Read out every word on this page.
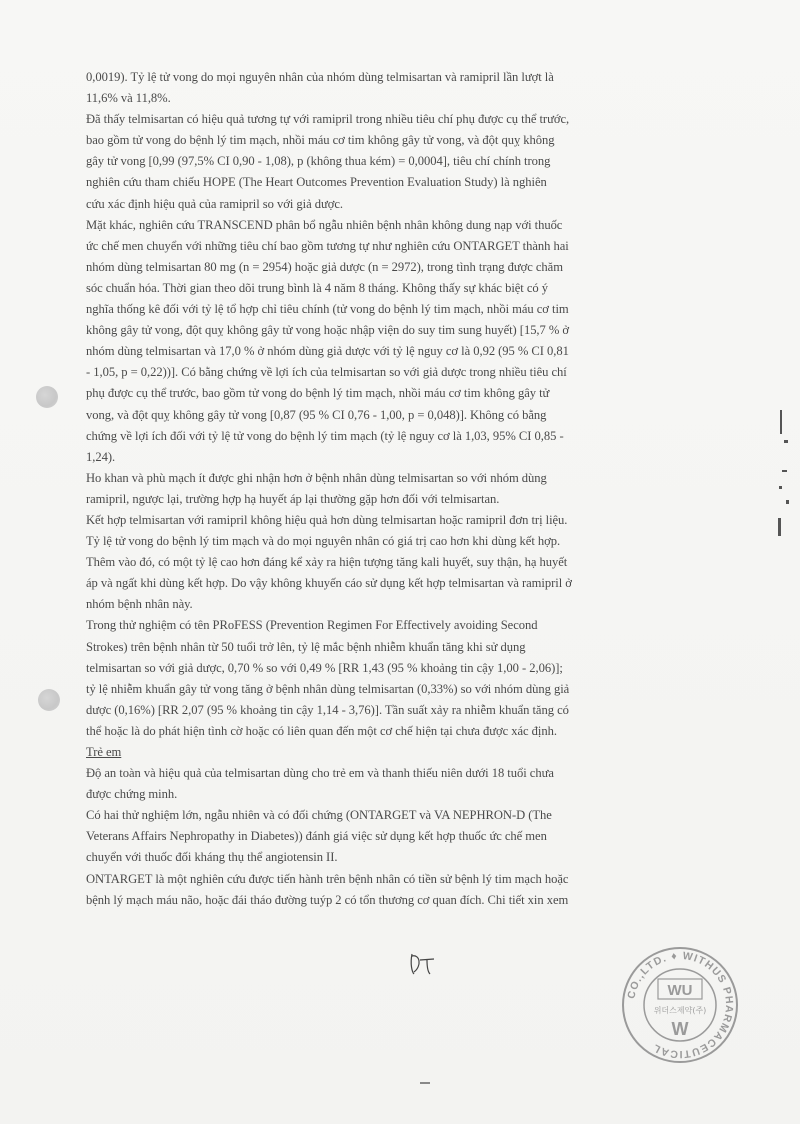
0,0019). Tỷ lệ tử vong do mọi nguyên nhân của nhóm dùng telmisartan và ramipril lần lượt là
11,6% và 11,8%.
Đã thấy telmisartan có hiệu quả tương tự với ramipril trong nhiều tiêu chí phụ được cụ thể trước,
bao gồm tử vong do bệnh lý tim mạch, nhồi máu cơ tim không gây tử vong, và đột quỵ không
gây tử vong [0,99 (97,5% CI 0,90 - 1,08), p (không thua kém) = 0,0004], tiêu chí chính trong
nghiên cứu tham chiếu HOPE (The Heart Outcomes Prevention Evaluation Study) là nghiên
cứu xác định hiệu quả của ramipril so với giả dược.
Mặt khác, nghiên cứu TRANSCEND phân bổ ngẫu nhiên bệnh nhân không dung nạp với thuốc
ức chế men chuyển với những tiêu chí bao gồm tương tự như nghiên cứu ONTARGET thành hai
nhóm dùng telmisartan 80 mg (n = 2954) hoặc giả dược (n = 2972), trong tình trạng được chăm
sóc chuẩn hóa. Thời gian theo dõi trung bình là 4 năm 8 tháng. Không thấy sự khác biệt có ý
nghĩa thống kê đối với tỷ lệ tổ hợp chỉ tiêu chính (tử vong do bệnh lý tim mạch, nhồi máu cơ tim
không gây tử vong, đột quỵ không gây tử vong hoặc nhập viện do suy tim sung huyết) [15,7 % ở
nhóm dùng telmisartan và 17,0 % ở nhóm dùng giả dược với tỷ lệ nguy cơ là 0,92 (95 % CI 0,81
- 1,05, p = 0,22))]. Có bằng chứng về lợi ích của telmisartan so với giả dược trong nhiều tiêu chí
phụ được cụ thể trước, bao gồm tử vong do bệnh lý tim mạch, nhồi máu cơ tim không gây tử
vong, và đột quỵ không gây tử vong [0,87 (95 % CI 0,76 - 1,00, p = 0,048)]. Không có bằng
chứng về lợi ích đối với tỷ lệ tử vong do bệnh lý tim mạch (tỷ lệ nguy cơ là 1,03, 95% CI 0,85 -
1,24).
Ho khan và phù mạch ít được ghi nhận hơn ở bệnh nhân dùng telmisartan so với nhóm dùng
ramipril, ngược lại, trường hợp hạ huyết áp lại thường gặp hơn đối với telmisartan.
Kết hợp telmisartan với ramipril không hiệu quả hơn dùng telmisartan hoặc ramipril đơn trị liệu.
Tỷ lệ tử vong do bệnh lý tim mạch và do mọi nguyên nhân có giá trị cao hơn khi dùng kết hợp.
Thêm vào đó, có một tỷ lệ cao hơn đáng kể xảy ra hiện tượng tăng kali huyết, suy thận, hạ huyết
áp và ngất khi dùng kết hợp. Do vậy không khuyến cáo sử dụng kết hợp telmisartan và ramipril ở
nhóm bệnh nhân này.
Trong thử nghiệm có tên PRoFESS (Prevention Regimen For Effectively avoiding Second
Strokes) trên bệnh nhân từ 50 tuổi trở lên, tỷ lệ mắc bệnh nhiễm khuẩn tăng khi sử dụng
telmisartan so với giả dược, 0,70 % so với 0,49 % [RR 1,43 (95 % khoảng tin cậy 1,00 - 2,06)];
tỷ lệ nhiễm khuẩn gây tử vong tăng ở bệnh nhân dùng telmisartan (0,33%) so với nhóm dùng giả
dược (0,16%) [RR 2,07 (95 % khoảng tin cậy 1,14 - 3,76)]. Tần suất xảy ra nhiễm khuẩn tăng có
thể hoặc là do phát hiện tình cờ hoặc có liên quan đến một cơ chế hiện tại chưa được xác định.
Trẻ em
Độ an toàn và hiệu quả của telmisartan dùng cho trẻ em và thanh thiếu niên dưới 18 tuổi chưa
được chứng minh.
Có hai thử nghiệm lớn, ngẫu nhiên và có đối chứng (ONTARGET và VA NEPHRON-D (The
Veterans Affairs Nephropathy in Diabetes)) đánh giá việc sử dụng kết hợp thuốc ức chế men
chuyển với thuốc đối kháng thụ thể angiotensin II.
ONTARGET là một nghiên cứu được tiến hành trên bệnh nhân có tiền sử bệnh lý tim mạch hoặc
bệnh lý mạch máu não, hoặc đái tháo đường tuýp 2 có tổn thương cơ quan đích. Chi tiết xin xem
CO.,LTD. ♦ WITHUS PHARMACEUTICAL
WU
위더스제약(주)
W
